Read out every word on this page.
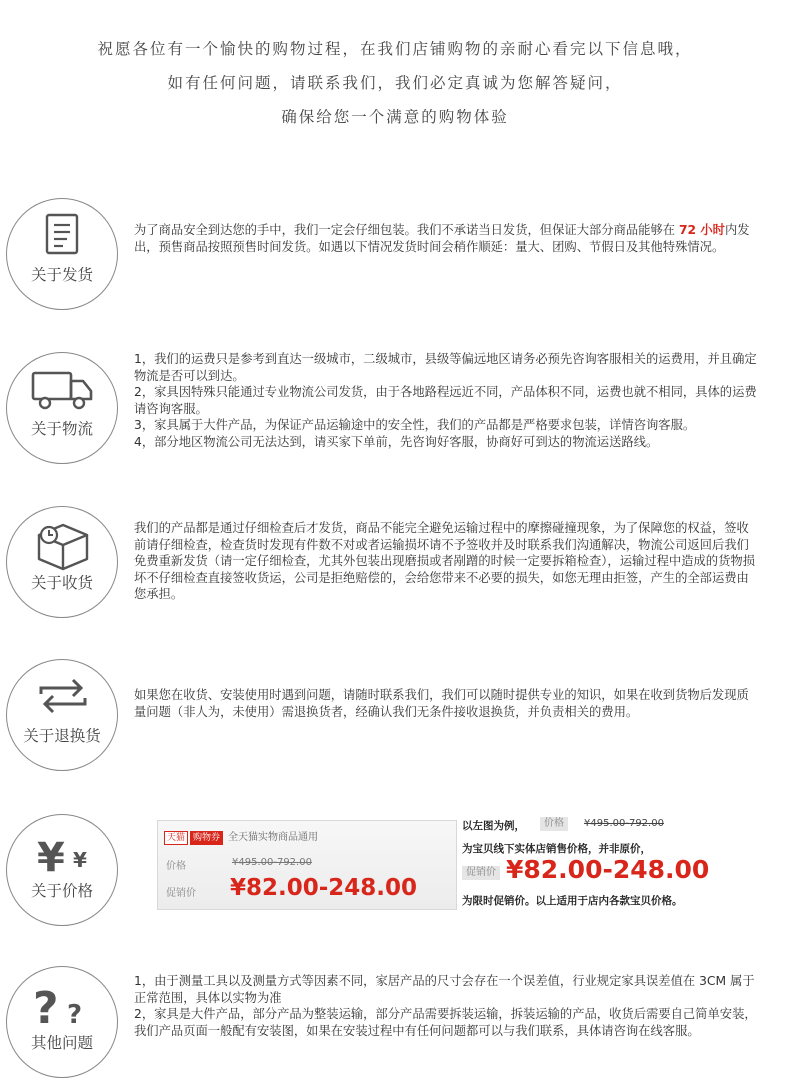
祝愿各位有一个愉快的购物过程，在我们店铺购物的亲耐心看完以下信息哦，
如有任何问题，请联系我们，我们必定真诚为您解答疑问，
确保给您一个满意的购物体验
关于发货

为了商品安全到达您的手中，我们一定会仔细包装。我们不承诺当日发货，但保证大部分商品能够在 72 小时内发出，预售商品按照预售时间发货。如遇以下情况发货时间会稍作顺延：量大、团购、节假日及其他特殊情况。

关于物流

1，我们的运费只是参考到直达一级城市，二级城市，县级等偏远地区请务必预先咨询客服相关的运费用，并且确定物流是否可以到达。

2，家具因特殊只能通过专业物流公司发货，由于各地路程远近不同，产品体积不同，运费也就不相同，具体的运费请咨询客服。

3，家具属于大件产品，为保证产品运输途中的安全性，我们的产品都是严格要求包装，详情咨询客服。

4，部分地区物流公司无法达到，请买家下单前，先咨询好客服，协商好可到达的物流运送路线。

关于收货

我们的产品都是通过仔细检查后才发货，商品不能完全避免运输过程中的摩擦碰撞现象，为了保障您的权益，签收前请仔细检查，检查货时发现有件数不对或者运输损坏请不予签收并及时联系我们沟通解决，物流公司返回后我们免费重新发货（请一定仔细检查，尤其外包装出现磨损或者剐蹭的时候一定要拆箱检查），运输过程中造成的货物损坏不仔细检查直接签收货运，公司是拒绝赔偿的，会给您带来不必要的损失，如您无理由拒签，产生的全部运费由您承担。

关于退换货

如果您在收货、安装使用时遇到问题，请随时联系我们，我们可以随时提供专业的知识，如果在收到货物后发现质量问题（非人为，未使用）需退换货者，经确认我们无条件接收退换货，并负责相关的费用。

¥ ¥
关于价格
天猫 购物券 全天猫实物商品通用
价格	¥495.00-792.00
促销价 ¥82.00-248.00
以左图为例，	价格	¥495.00-792.00
为宝贝线下实体店销售价格，并非原价，
促销价 ¥82.00-248.00
为限时促销价。以上适用于店内各款宝贝价格。
? ?
其他问题

1，由于测量工具以及测量方式等因素不同，家居产品的尺寸会存在一个误差值，行业规定家具误差值在 3CM 属于正常范围，具体以实物为准

2，家具是大件产品，部分产品为整装运输，部分产品需要拆装运输，拆装运输的产品，收货后需要自己简单安装，我们产品页面一般配有安装图，如果在安装过程中有任何问题都可以与我们联系，具体请咨询在线客服。
